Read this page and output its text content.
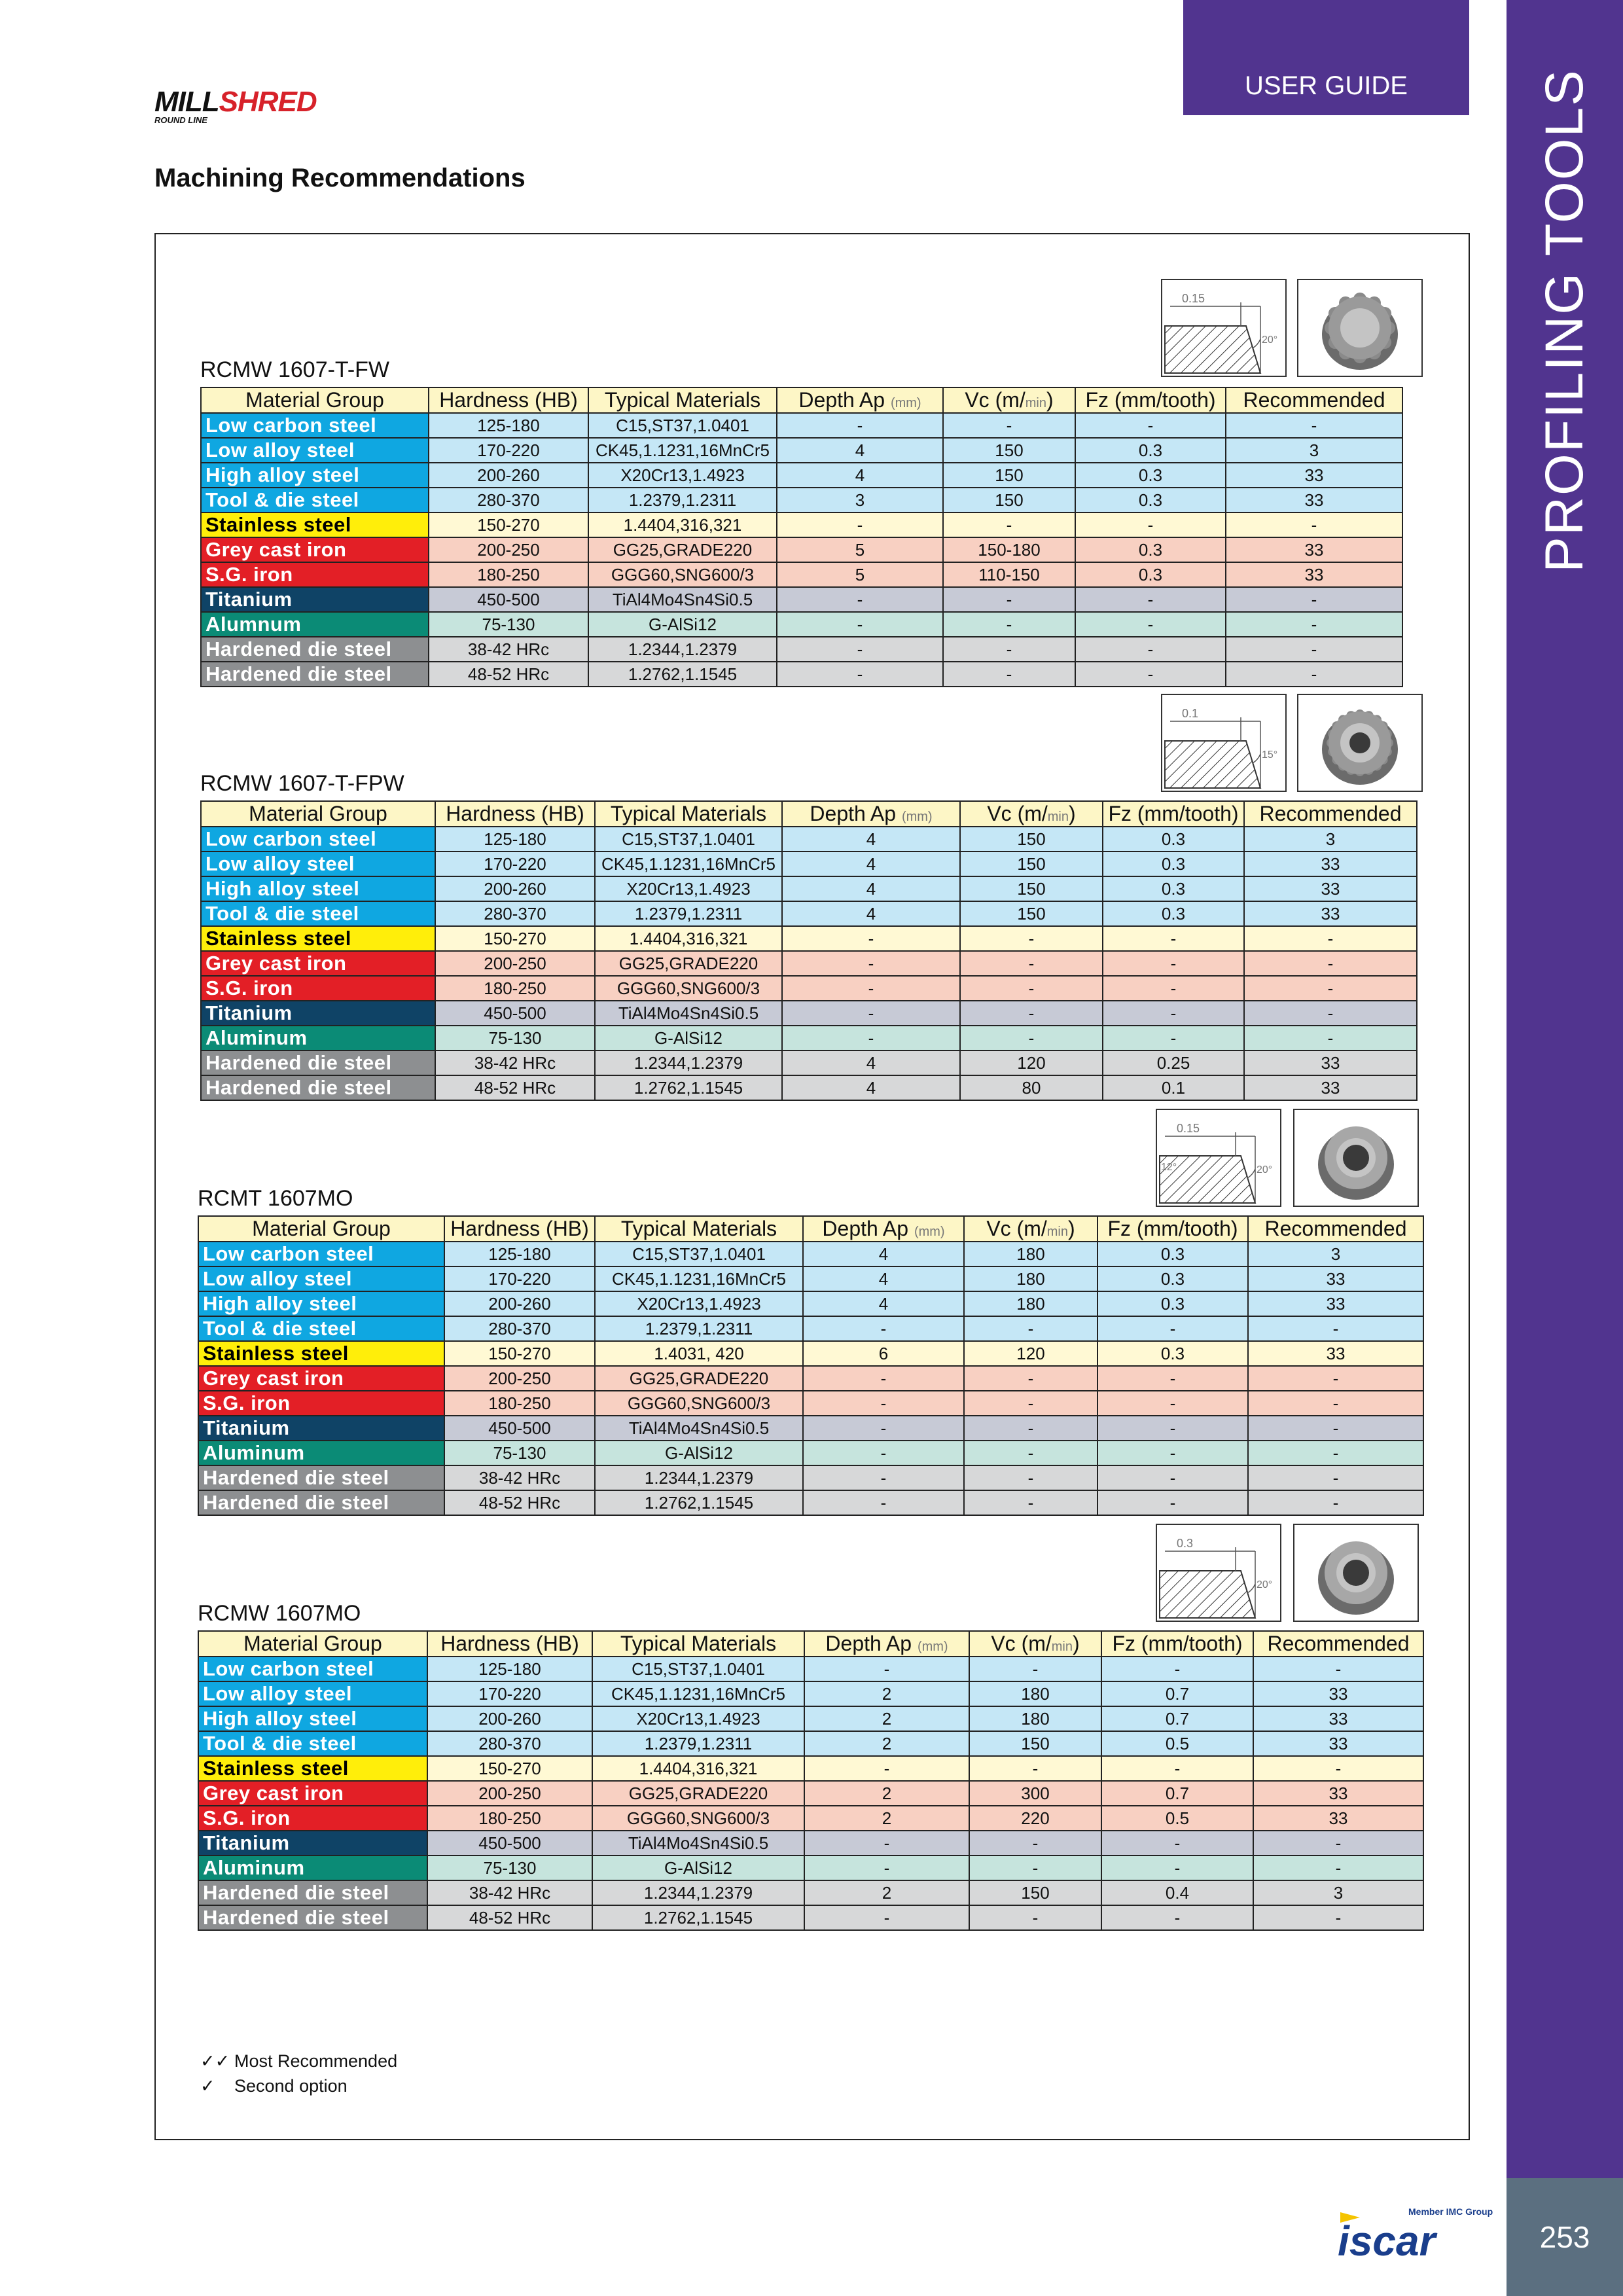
PROFILING TOOLS
253
USER GUIDE
MILLSHRED
ROUND LINE
Machining Recommendations
RCMW 1607-T-FW
Material Group	Hardness (HB)	Typical Materials	Depth Ap (mm)	Vc (m/min)	Fz (mm/tooth)	Recommended
Low carbon steel	125-180	C15,ST37,1.0401	-	-	-	-
Low alloy steel	170-220	CK45,1.1231,16MnCr5	4	150	0.3	3
High alloy steel	200-260	X20Cr13,1.4923	4	150	0.3	33
Tool & die steel	280-370	1.2379,1.2311	3	150	0.3	33
Stainless steel	150-270	1.4404,316,321	-	-	-	-
Grey cast iron	200-250	GG25,GRADE220	5	150-180	0.3	33
S.G. iron	180-250	GGG60,SNG600/3	5	110-150	0.3	33
Titanium	450-500	TiAl4Mo4Sn4Si0.5	-	-	-	-
Alumnum	75-130	G-AlSi12	-	-	-	-
Hardened die steel	38-42 HRc	1.2344,1.2379	-	-	-	-
Hardened die steel	48-52 HRc	1.2762,1.1545	-	-	-	-
0.15
20°
RCMW 1607-T-FPW
Material Group	Hardness (HB)	Typical Materials	Depth Ap (mm)	Vc (m/min)	Fz (mm/tooth)	Recommended
Low carbon steel	125-180	C15,ST37,1.0401	4	150	0.3	3
Low alloy steel	170-220	CK45,1.1231,16MnCr5	4	150	0.3	33
High alloy steel	200-260	X20Cr13,1.4923	4	150	0.3	33
Tool & die steel	280-370	1.2379,1.2311	4	150	0.3	33
Stainless steel	150-270	1.4404,316,321	-	-	-	-
Grey cast iron	200-250	GG25,GRADE220	-	-	-	-
S.G. iron	180-250	GGG60,SNG600/3	-	-	-	-
Titanium	450-500	TiAl4Mo4Sn4Si0.5	-	-	-	-
Aluminum	75-130	G-AlSi12	-	-	-	-
Hardened die steel	38-42 HRc	1.2344,1.2379	4	120	0.25	33
Hardened die steel	48-52 HRc	1.2762,1.1545	4	80	0.1	33
0.1
15°
RCMT 1607MO
Material Group	Hardness (HB)	Typical Materials	Depth Ap (mm)	Vc (m/min)	Fz (mm/tooth)	Recommended
Low carbon steel	125-180	C15,ST37,1.0401	4	180	0.3	3
Low alloy steel	170-220	CK45,1.1231,16MnCr5	4	180	0.3	33
High alloy steel	200-260	X20Cr13,1.4923	4	180	0.3	33
Tool & die steel	280-370	1.2379,1.2311	-	-	-	-
Stainless steel	150-270	1.4031, 420	6	120	0.3	33
Grey cast iron	200-250	GG25,GRADE220	-	-	-	-
S.G. iron	180-250	GGG60,SNG600/3	-	-	-	-
Titanium	450-500	TiAl4Mo4Sn4Si0.5	-	-	-	-
Aluminum	75-130	G-AlSi12	-	-	-	-
Hardened die steel	38-42 HRc	1.2344,1.2379	-	-	-	-
Hardened die steel	48-52 HRc	1.2762,1.1545	-	-	-	-
0.15
20°
12°
RCMW 1607MO
Material Group	Hardness (HB)	Typical Materials	Depth Ap (mm)	Vc (m/min)	Fz (mm/tooth)	Recommended
Low carbon steel	125-180	C15,ST37,1.0401	-	-	-	-
Low alloy steel	170-220	CK45,1.1231,16MnCr5	2	180	0.7	33
High alloy steel	200-260	X20Cr13,1.4923	2	180	0.7	33
Tool & die steel	280-370	1.2379,1.2311	2	150	0.5	33
Stainless steel	150-270	1.4404,316,321	-	-	-	-
Grey cast iron	200-250	GG25,GRADE220	2	300	0.7	33
S.G. iron	180-250	GGG60,SNG600/3	2	220	0.5	33
Titanium	450-500	TiAl4Mo4Sn4Si0.5	-	-	-	-
Aluminum	75-130	G-AlSi12	-	-	-	-
Hardened die steel	38-42 HRc	1.2344,1.2379	2	150	0.4	3
Hardened die steel	48-52 HRc	1.2762,1.1545	-	-	-	-
0.3
20°
✓✓ Most Recommended
✓ Second option
Member IMC Group
iscar
